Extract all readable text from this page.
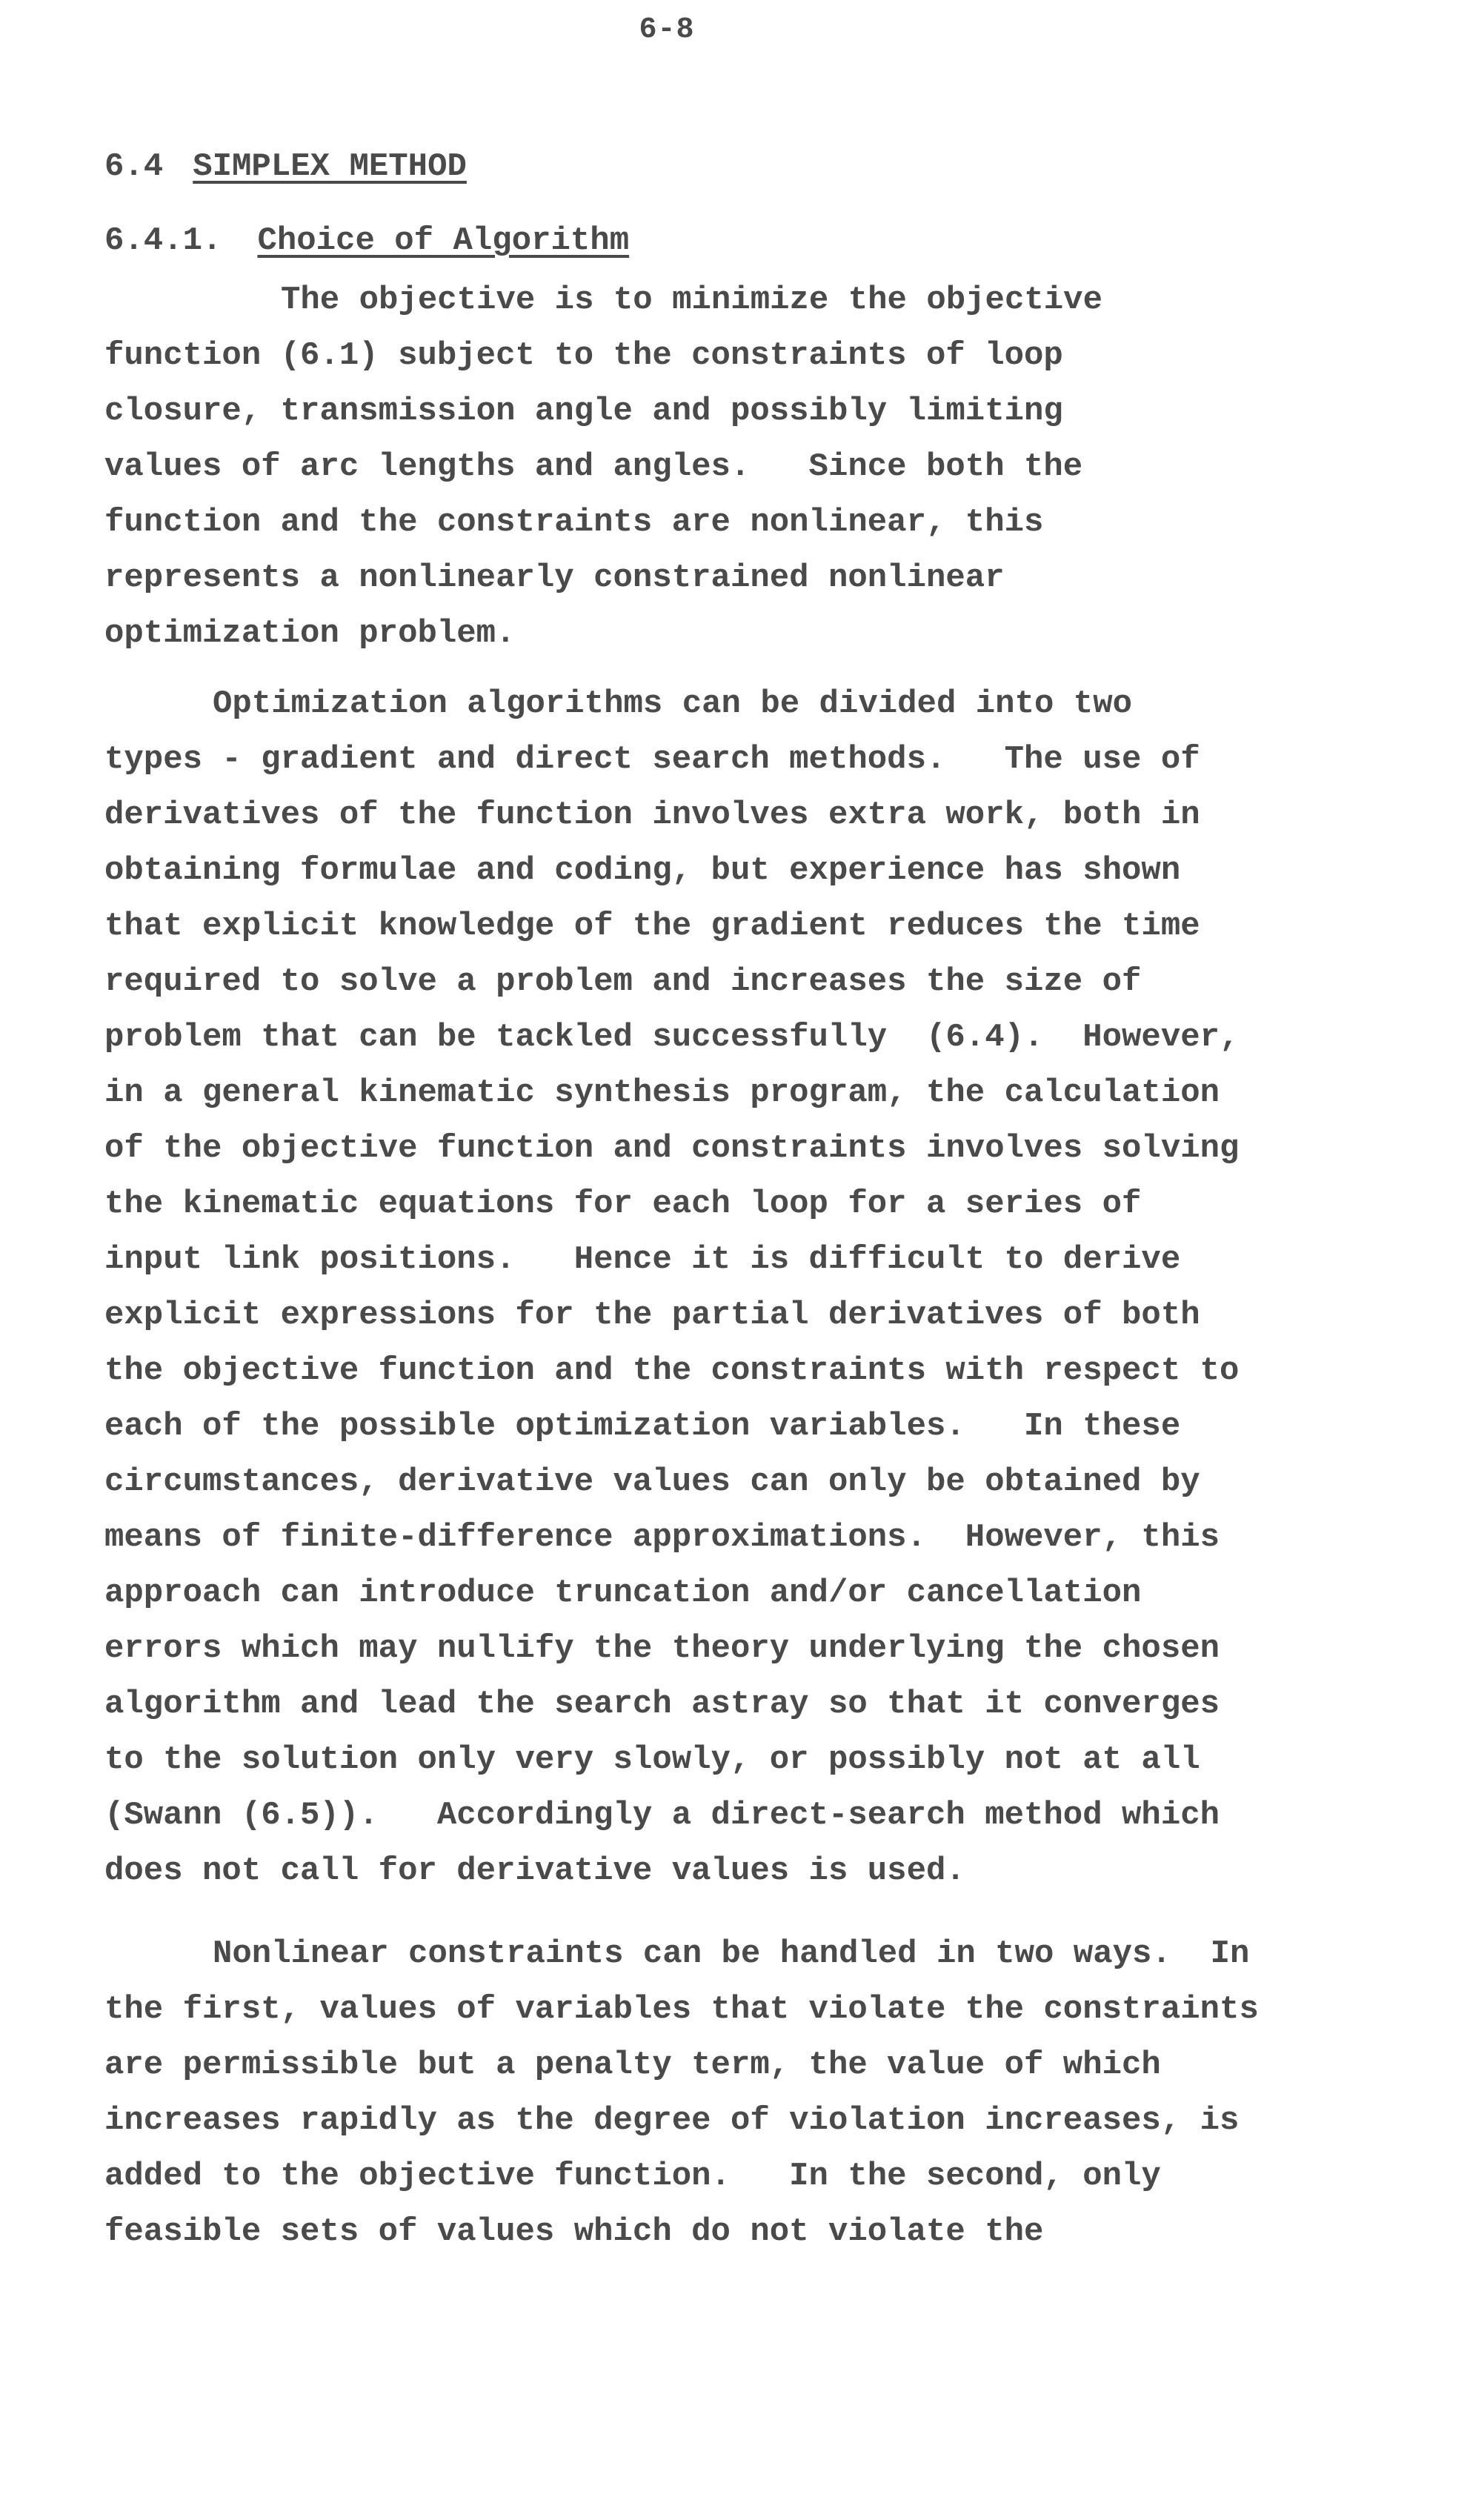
6-8
6.4 SIMPLEX METHOD
6.4.1. Choice of Algorithm
The objective is to minimize the objective
function (6.1) subject to the constraints of loop
closure, transmission angle and possibly limiting
values of arc lengths and angles.   Since both the
function and the constraints are nonlinear, this
represents a nonlinearly constrained nonlinear
optimization problem.
Optimization algorithms can be divided into two
types - gradient and direct search methods.   The use of
derivatives of the function involves extra work, both in
obtaining formulae and coding, but experience has shown
that explicit knowledge of the gradient reduces the time
required to solve a problem and increases the size of
problem that can be tackled successfully  (6.4).  However,
in a general kinematic synthesis program, the calculation
of the objective function and constraints involves solving
the kinematic equations for each loop for a series of
input link positions.   Hence it is difficult to derive
explicit expressions for the partial derivatives of both
the objective function and the constraints with respect to
each of the possible optimization variables.   In these
circumstances, derivative values can only be obtained by
means of finite-difference approximations.  However, this
approach can introduce truncation and/or cancellation
errors which may nullify the theory underlying the chosen
algorithm and lead the search astray so that it converges
to the solution only very slowly, or possibly not at all
(Swann (6.5)).   Accordingly a direct-search method which
does not call for derivative values is used.
Nonlinear constraints can be handled in two ways.  In
the first, values of variables that violate the constraints
are permissible but a penalty term, the value of which
increases rapidly as the degree of violation increases, is
added to the objective function.   In the second, only
feasible sets of values which do not violate the
